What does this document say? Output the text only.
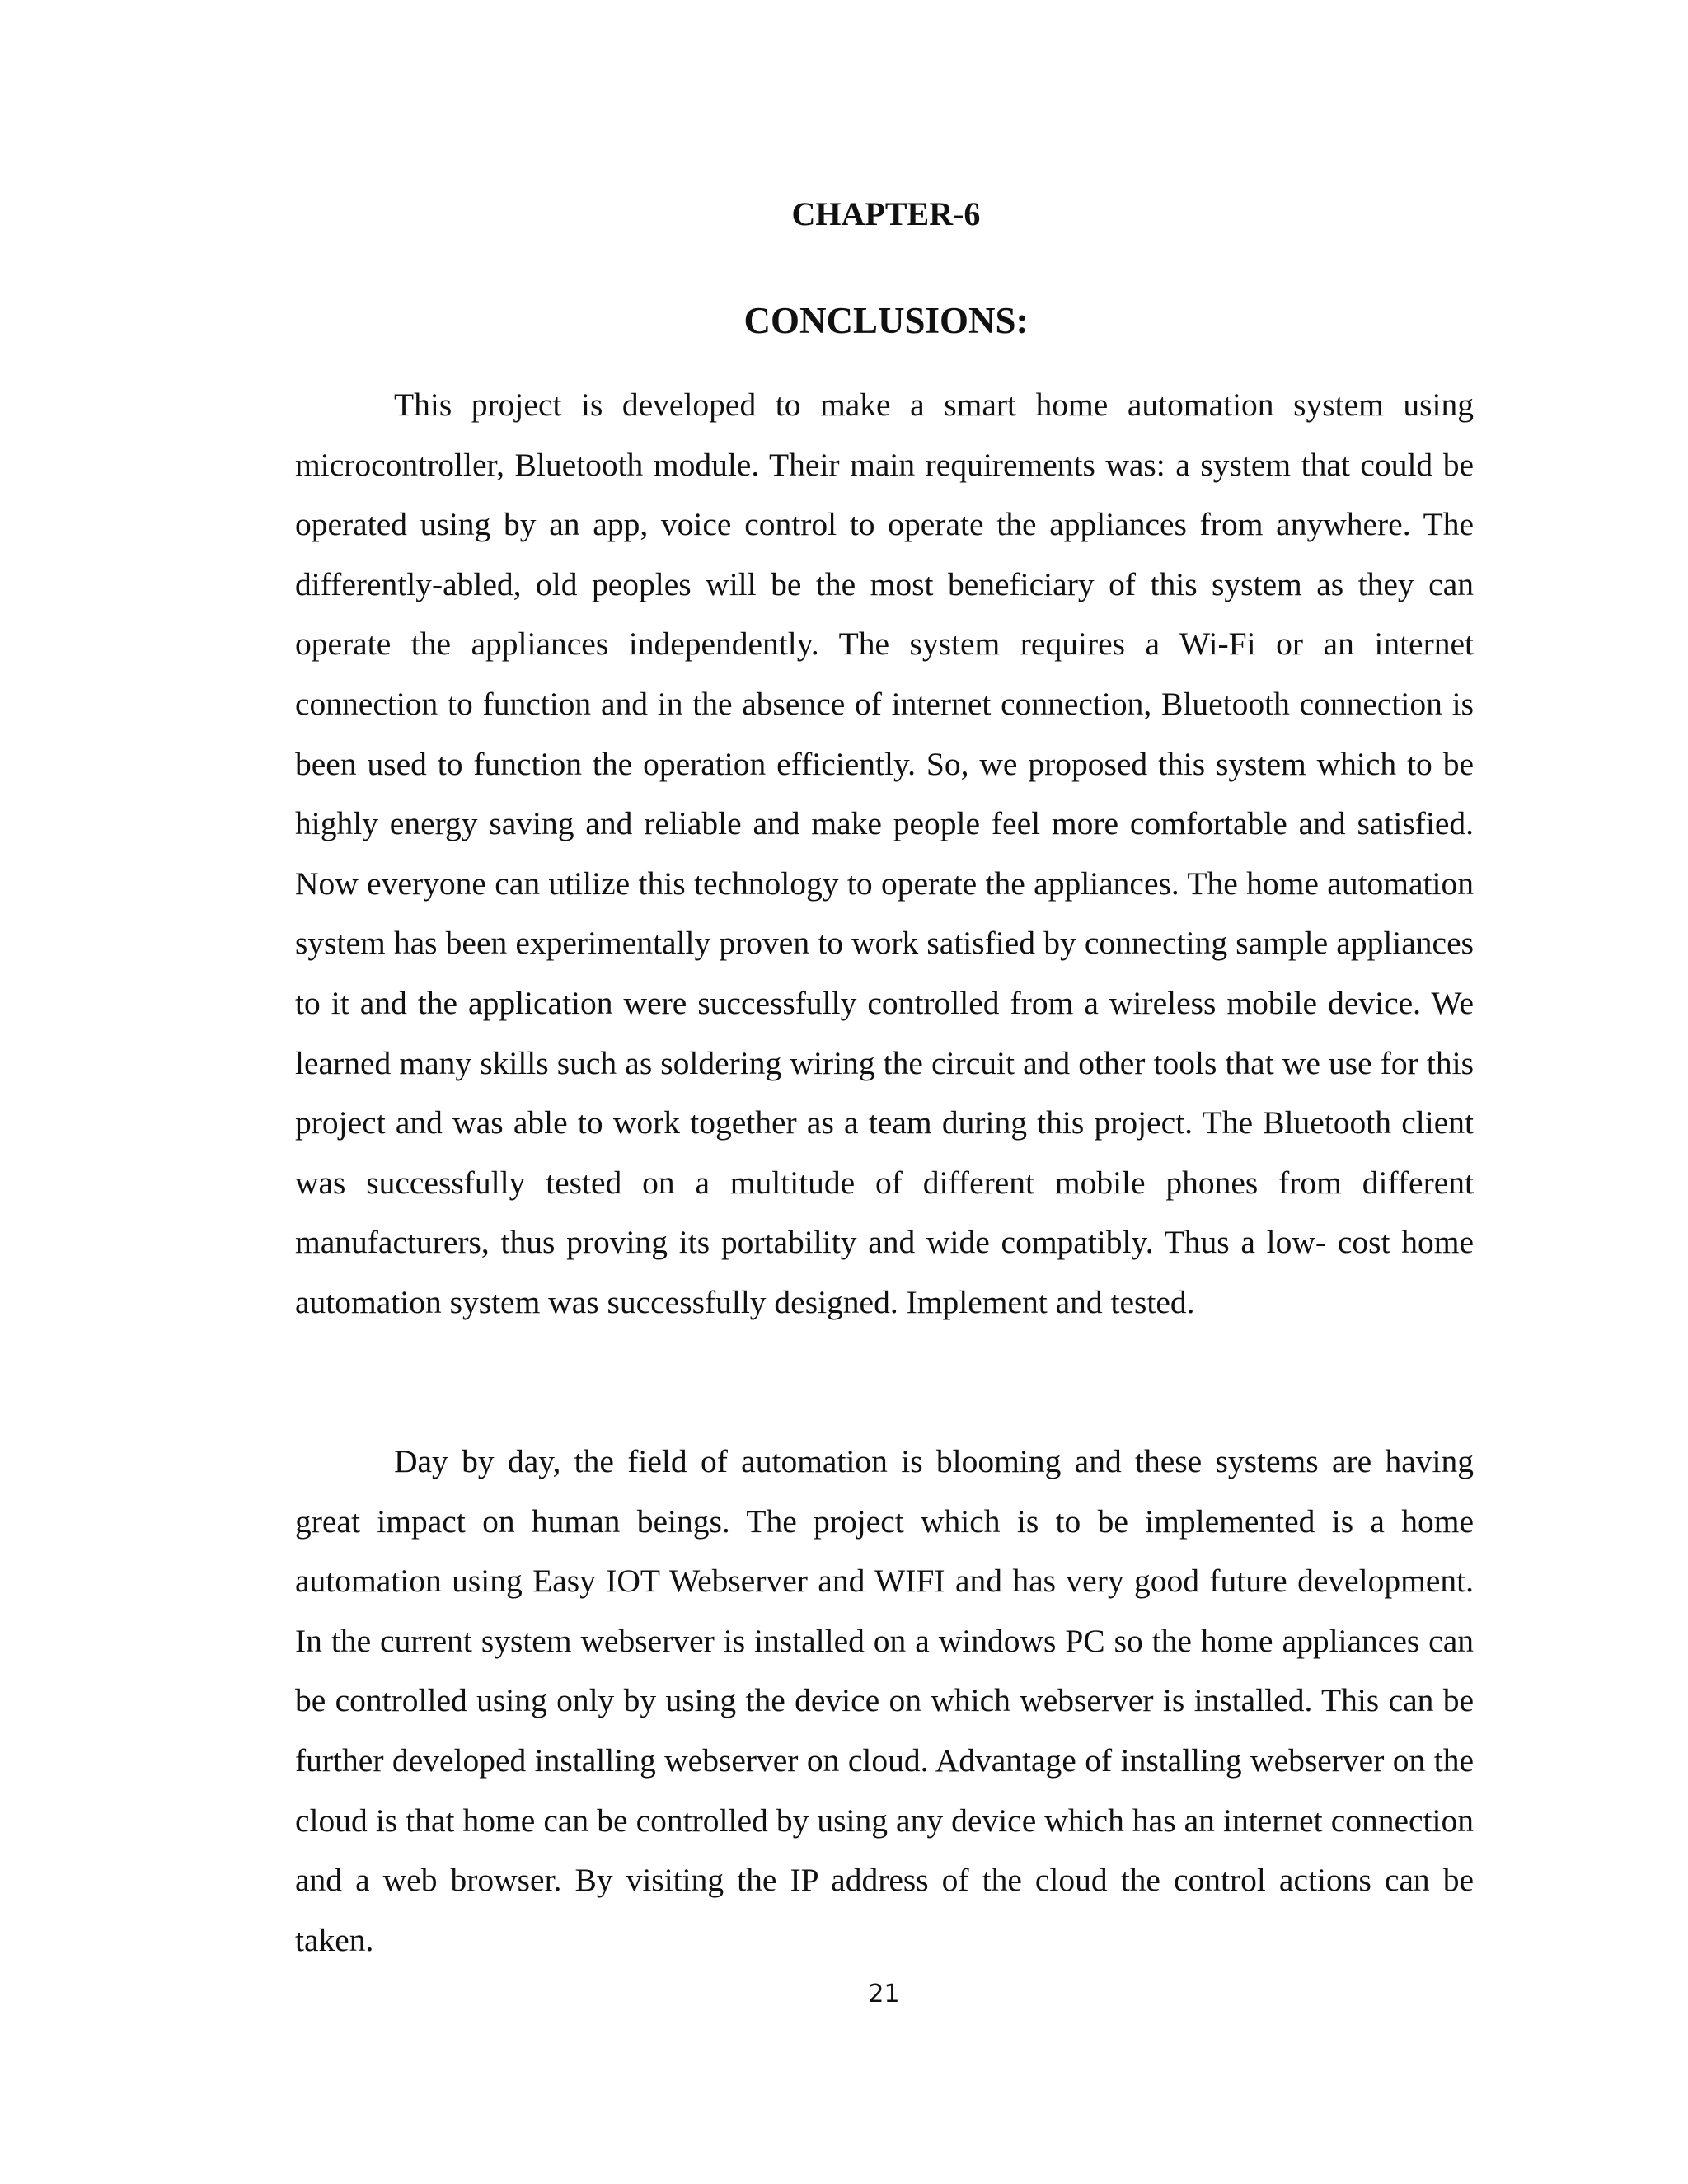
CHAPTER-6
CONCLUSIONS:

This project is developed to make a smart home automation system using microcontroller, Bluetooth module. Their main requirements was: a system that could be operated using by an app, voice control to operate the appliances from anywhere. The differently-abled, old peoples will be the most beneficiary of this system as they can operate the appliances independently. The system requires a Wi-Fi or an internet connection to function and in the absence of internet connection, Bluetooth connection is been used to function the operation efficiently. So, we proposed this system which to be highly energy saving and reliable and make people feel more comfortable and satisfied. Now everyone can utilize this technology to operate the appliances. The home automation system has been experimentally proven to work satisfied by connecting sample appliances to it and the application were successfully controlled from a wireless mobile device. We learned many skills such as soldering wiring the circuit and other tools that we use for this project and was able to work together as a team during this project. The Bluetooth client was successfully tested on a multitude of different mobile phones from different manufacturers, thus proving its portability and wide compatibly. Thus a low- cost home automation system was successfully designed. Implement and tested.

Day by day, the field of automation is blooming and these systems are having great impact on human beings. The project which is to be implemented is a home automation using Easy IOT Webserver and WIFI and has very good future development. In the current system webserver is installed on a windows PC so the home appliances can be controlled using only by using the device on which webserver is installed. This can be further developed installing webserver on cloud. Advantage of installing webserver on the cloud is that home can be controlled by using any device which has an internet connection and a web browser. By visiting the IP address of the cloud the control actions can be taken.

21
